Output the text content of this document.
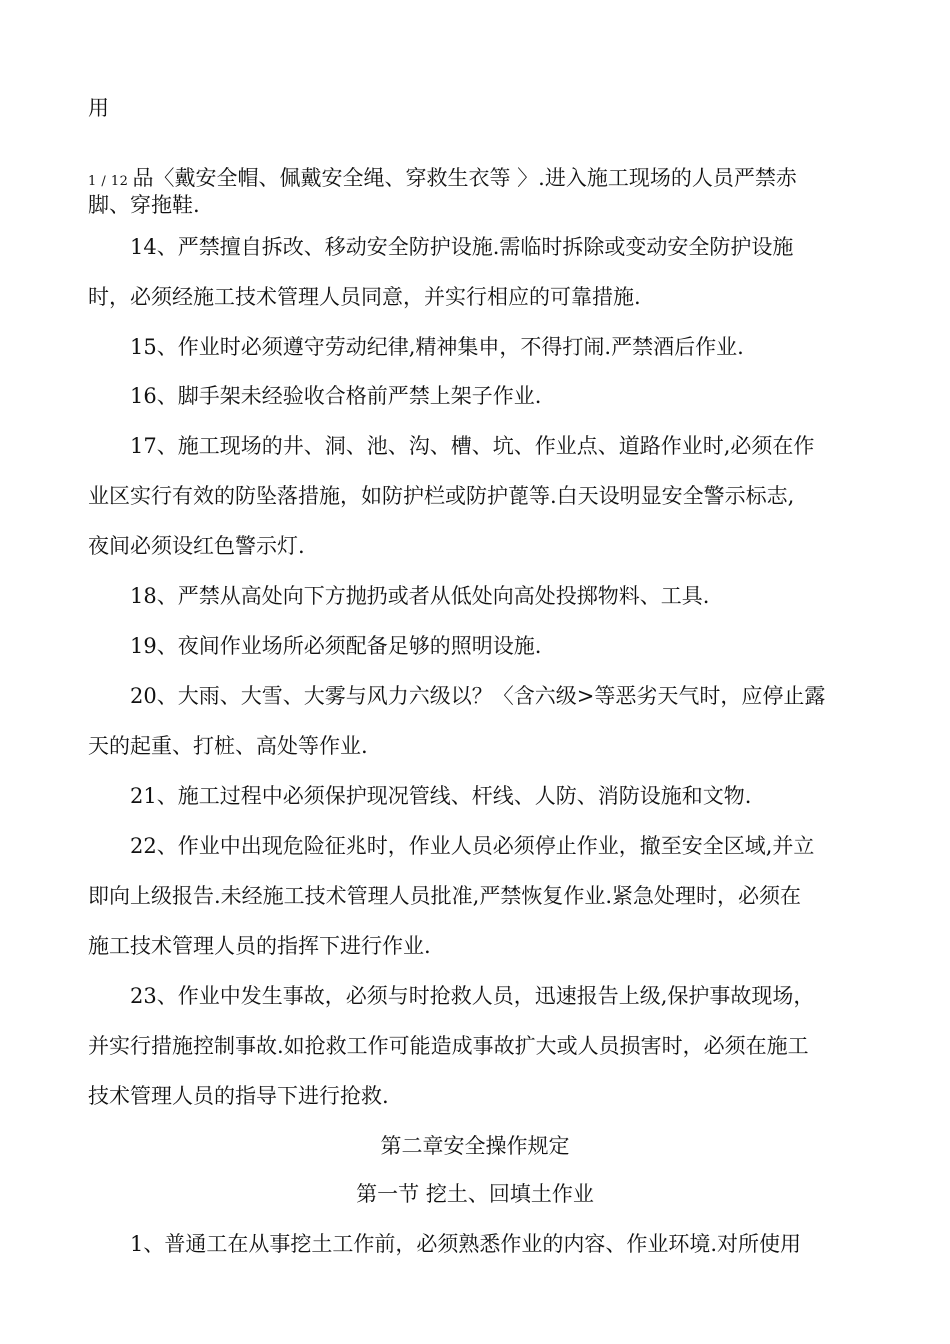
用
1 / 12 品〈戴安全帽、佩戴安全绳、穿救生衣等 〉.进入施工现场的人员严禁赤
脚、穿拖鞋.
14、严禁擅自拆改、移动安全防护设施.需临时拆除或变动安全防护设施
时，必须经施工技术管理人员同意，并实行相应的可靠措施.
15、作业时必须遵守劳动纪律,精神集申，不得打闹.严禁酒后作业.
16、脚手架未经验收合格前严禁上架子作业.
17、施工现场的井、洞、池、沟、槽、坑、作业点、道路作业时,必须在作
业区实行有效的防坠落措施，如防护栏或防护蓖等.白天设明显安全警示标志,
夜间必须设红色警示灯.
18、严禁从高处向下方抛扔或者从低处向高处投掷物料、工具.
19、夜间作业场所必须配备足够的照明设施.
20、大雨、大雪、大雾与风力六级以？〈含六级>等恶劣天气时，应停止露
天的起重、打桩、高处等作业.
21、施工过程中必须保护现况管线、杆线、人防、消防设施和文物.
22、作业中出现危险征兆时，作业人员必须停止作业，撤至安全区域,并立
即向上级报告.未经施工技术管理人员批准,严禁恢复作业.紧急处理时，必须在
施工技术管理人员的指挥下进行作业.
23、作业中发生事故，必须与时抢救人员，迅速报告上级,保护事故现场，
并实行措施控制事故.如抢救工作可能造成事故扩大或人员损害时，必须在施工
技术管理人员的指导下进行抢救.
第二章安全操作规定
第一节 挖土、回填土作业
1、普通工在从事挖土工作前，必须熟悉作业的内容、作业环境.对所使用
